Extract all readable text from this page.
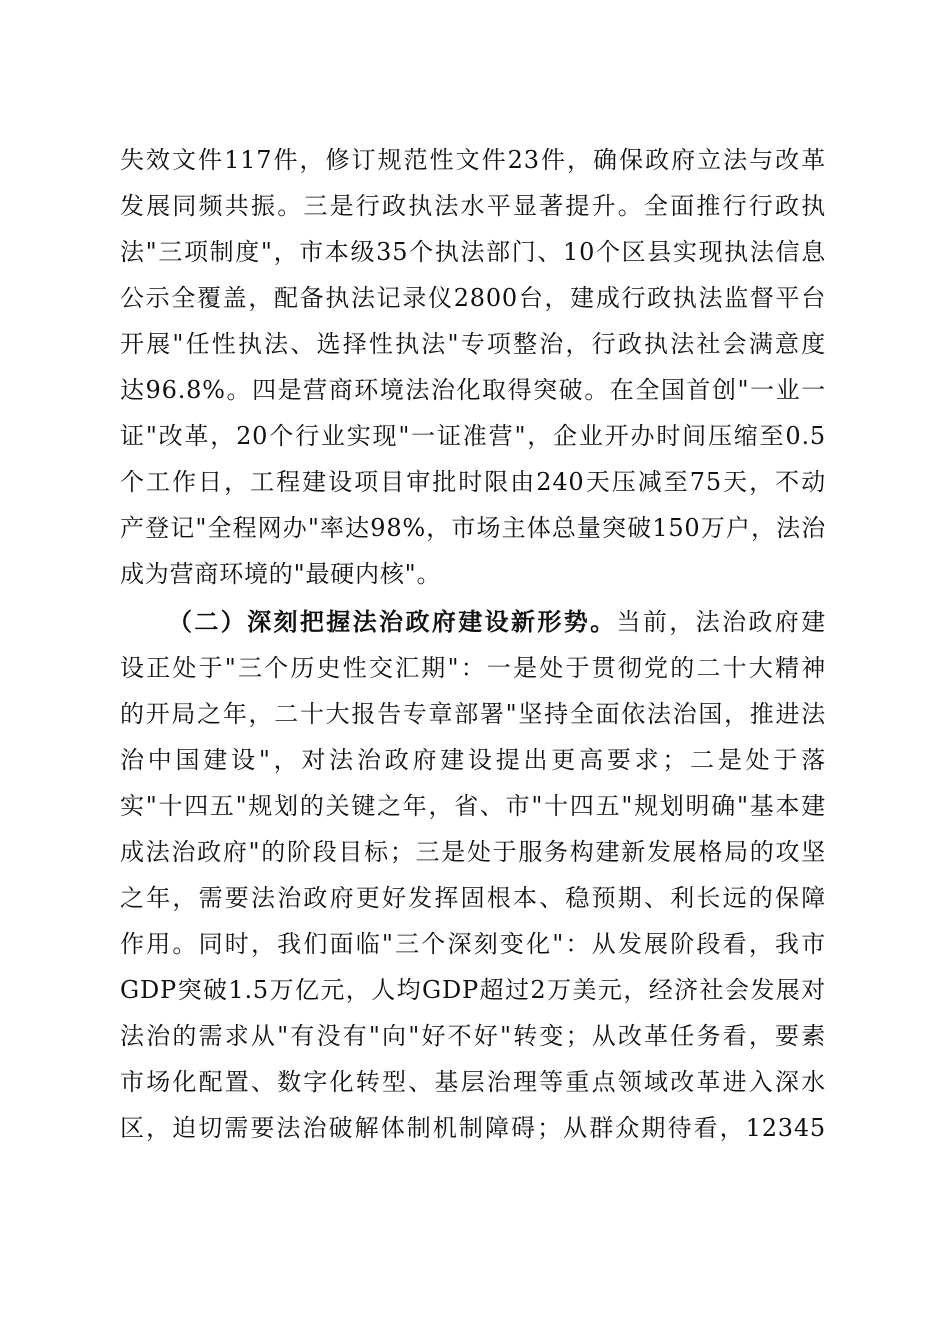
失效文件117件，修订规范性文件23件，确保政府立法与改革
发展同频共振。三是行政执法水平显著提升。全面推行行政执
法"三项制度"，市本级35个执法部门、10个区县实现执法信息
公示全覆盖，配备执法记录仪2800台，建成行政执法监督平台
开展"任性执法、选择性执法"专项整治，行政执法社会满意度
达96.8%。四是营商环境法治化取得突破。在全国首创"一业一
证"改革，20个行业实现"一证准营"，企业开办时间压缩至0.5
个工作日，工程建设项目审批时限由240天压减至75天，不动
产登记"全程网办"率达98%，市场主体总量突破150万户，法治
成为营商环境的"最硬内核"。
（二）深刻把握法治政府建设新形势。当前，法治政府建
设正处于"三个历史性交汇期"：一是处于贯彻党的二十大精神
的开局之年，二十大报告专章部署"坚持全面依法治国，推进法
治中国建设"，对法治政府建设提出更高要求；二是处于落
实"十四五"规划的关键之年，省、市"十四五"规划明确"基本建
成法治政府"的阶段目标；三是处于服务构建新发展格局的攻坚
之年，需要法治政府更好发挥固根本、稳预期、利长远的保障
作用。同时，我们面临"三个深刻变化"：从发展阶段看，我市
GDP突破1.5万亿元，人均GDP超过2万美元，经济社会发展对
法治的需求从"有没有"向"好不好"转变；从改革任务看，要素
市场化配置、数字化转型、基层治理等重点领域改革进入深水
区，迫切需要法治破解体制机制障碍；从群众期待看，12345
